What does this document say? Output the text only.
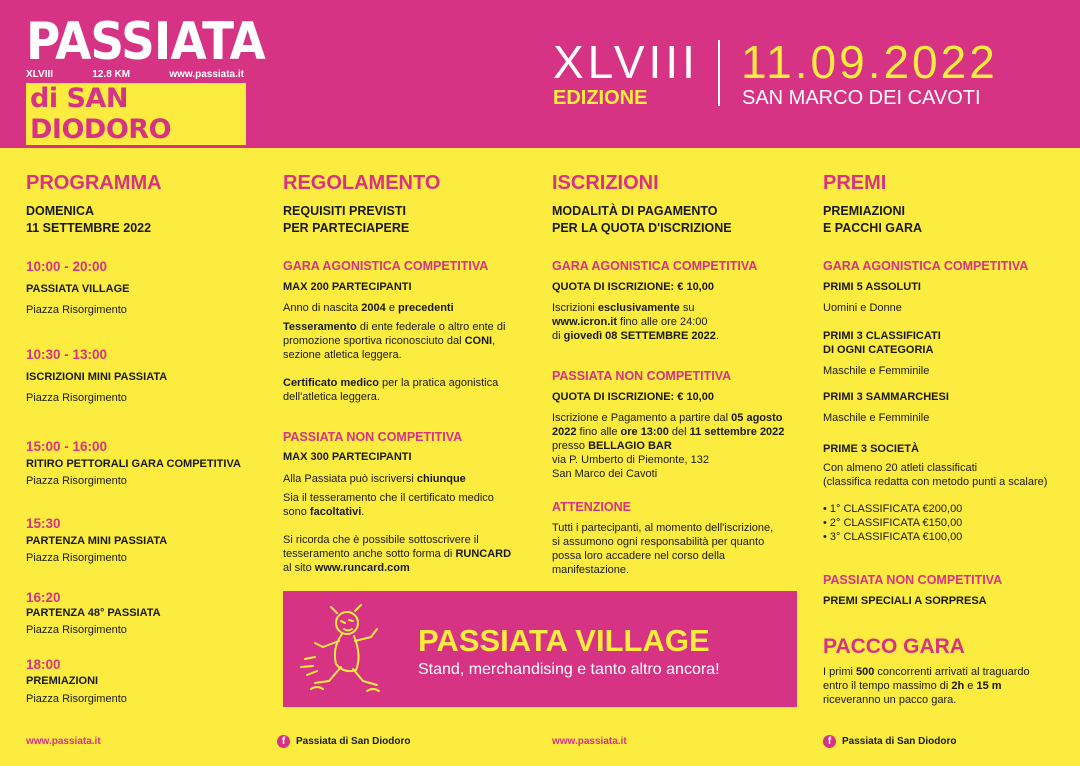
PASSIATA
XLVIII	12.8 KM	www.passiata.it
di SAN DIODORO
XLVIII
EDIZIONE
11.09.2022
SAN MARCO DEI CAVOTI
PROGRAMMA
DOMENICA
11 SETTEMBRE 2022
10:00 - 20:00
PASSIATA VILLAGE
Piazza Risorgimento
10:30 - 13:00
ISCRIZIONI MINI PASSIATA
Piazza Risorgimento
15:00 - 16:00
RITIRO PETTORALI GARA COMPETITIVA
Piazza Risorgimento
15:30
PARTENZA MINI PASSIATA
Piazza Risorgimento
16:20
PARTENZA 48° PASSIATA
Piazza Risorgimento
18:00
PREMIAZIONI
Piazza Risorgimento
REGOLAMENTO
REQUISITI PREVISTI
PER PARTECIAPERE
GARA AGONISTICA COMPETITIVA
MAX 200 PARTECIPANTI
Anno di nascita 2004 e precedenti
Tesseramento di ente federale o altro ente di
promozione sportiva riconosciuto dal CONI,
sezione atletica leggera.
Certificato medico per la pratica agonistica
dell'atletica leggera.
PASSIATA NON COMPETITIVA
MAX 300 PARTECIPANTI
Alla Passiata può iscriversi chiunque
Sia il tesseramento che il certificato medico
sono facoltativi.
Si ricorda che è possibile sottoscrivere il
tesseramento anche sotto forma di RUNCARD
al sito www.runcard.com
ISCRIZIONI
MODALITÀ DI PAGAMENTO
PER LA QUOTA D'ISCRIZIONE
GARA AGONISTICA COMPETITIVA
QUOTA DI ISCRIZIONE: € 10,00
Iscrizioni esclusivamente su
www.icron.it fino alle ore 24:00
di giovedì 08 SETTEMBRE 2022.
PASSIATA NON COMPETITIVA
QUOTA DI ISCRIZIONE: € 10,00
Iscrizione e Pagamento a partire dal 05 agosto
2022 fino alle ore 13:00 del 11 settembre 2022
presso BELLAGIO BAR
via P. Umberto di Piemonte, 132
San Marco dei Cavoti
ATTENZIONE
Tutti i partecipanti, al momento dell'iscrizione,
si assumono ogni responsabilità per quanto
possa loro accadere nel corso della
manifestazione.
PREMI
PREMIAZIONI
E PACCHI GARA
GARA AGONISTICA COMPETITIVA
PRIMI 5 ASSOLUTI
Uomini e Donne
PRIMI 3 CLASSIFICATI
DI OGNI CATEGORIA
Maschile e Femminile
PRIMI 3 SAMMARCHESI
Maschile e Femminile
PRIME 3 SOCIETÀ
Con almeno 20 atleti classificati
(classifica redatta con metodo punti a scalare)
• 1° CLASSIFICATA €200,00
• 2° CLASSIFICATA €150,00
• 3° CLASSIFICATA €100,00
PASSIATA NON COMPETITIVA
PREMI SPECIALI A SORPRESA
PACCO GARA
I primi 500 concorrenti arrivati al traguardo
entro il tempo massimo di 2h e 15 m
riceveranno un pacco gara.
PASSIATA VILLAGE
Stand, merchandising e tanto altro ancora!
www.passiata.it	f	Passiata di San Diodoro	www.passiata.it	f	Passiata di San Diodoro
